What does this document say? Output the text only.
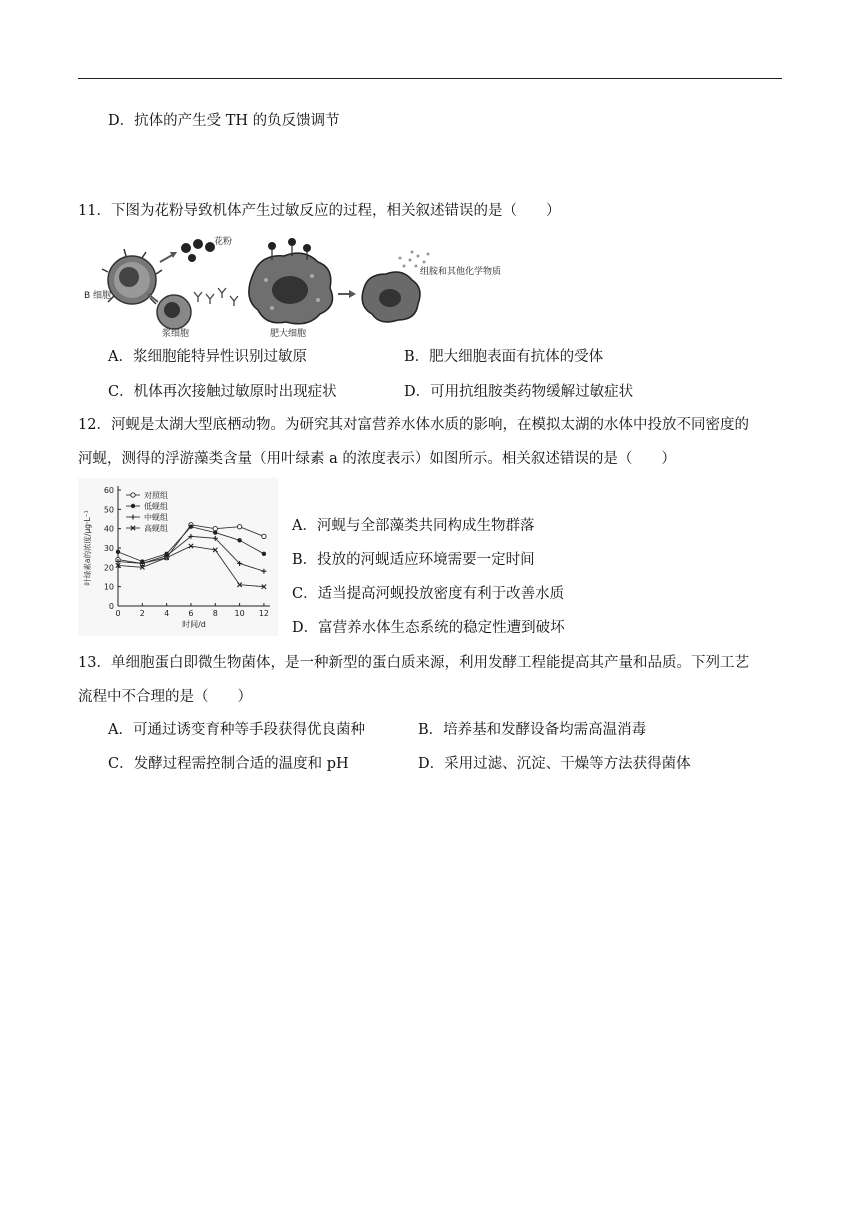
D．抗体的产生受 TH 的负反馈调节
11．下图为花粉导致机体产生过敏反应的过程，相关叙述错误的是（　　）
B 细胞
花粉
浆细胞	肥大细胞
组胺和其他化学物质
A．浆细胞能特异性识别过敏原	B．肥大细胞表面有抗体的受体
C．机体再次接触过敏原时出现症状	D．可用抗组胺类药物缓解过敏症状
12．河蚬是太湖大型底栖动物。为研究其对富营养水体水质的影响，在模拟太湖的水体中投放不同密度的
河蚬，测得的浮游藻类含量（用叶绿素 a 的浓度表示）如图所示。相关叙述错误的是（　　）
0
10
20
30
40
50
60
0 2 4 6 8 10 12
时间/d
叶绿素a的浓度/μg·L⁻¹
对照组
低蚬组
中蚬组
高蚬组	A．河蚬与全部藻类共同构成生物群落
B．投放的河蚬适应环境需要一定时间
C．适当提高河蚬投放密度有利于改善水质
D．富营养水体生态系统的稳定性遭到破坏
13．单细胞蛋白即微生物菌体，是一种新型的蛋白质来源，利用发酵工程能提高其产量和品质。下列工艺
流程中不合理的是（　　）
A．可通过诱变育种等手段获得优良菌种	B．培养基和发酵设备均需高温消毒
C．发酵过程需控制合适的温度和 pH	D．采用过滤、沉淀、干燥等方法获得菌体
